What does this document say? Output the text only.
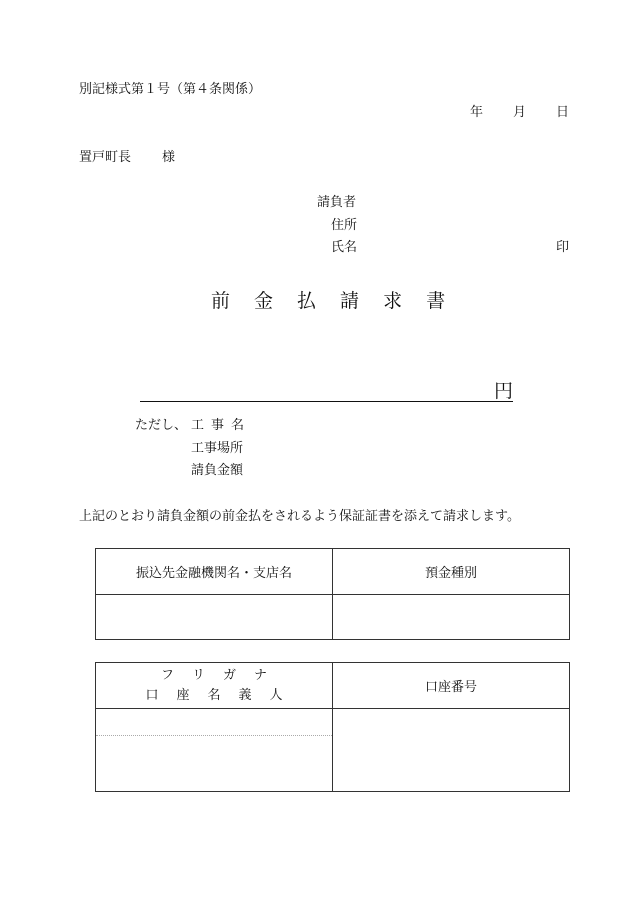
別記様式第１号（第４条関係）
年 月 日
置戸町長 様
請負者
住所
氏名	印
前 金 払 請 求 書
円
ただし、 工 事 名
工事場所
請負金額
上記のとおり請負金額の前金払をされるよう保証証書を添えて請求します。
振込先金融機関名・支店名	預金種別

フ リ ガ ナ
口 座 名 義 人	口座番号
